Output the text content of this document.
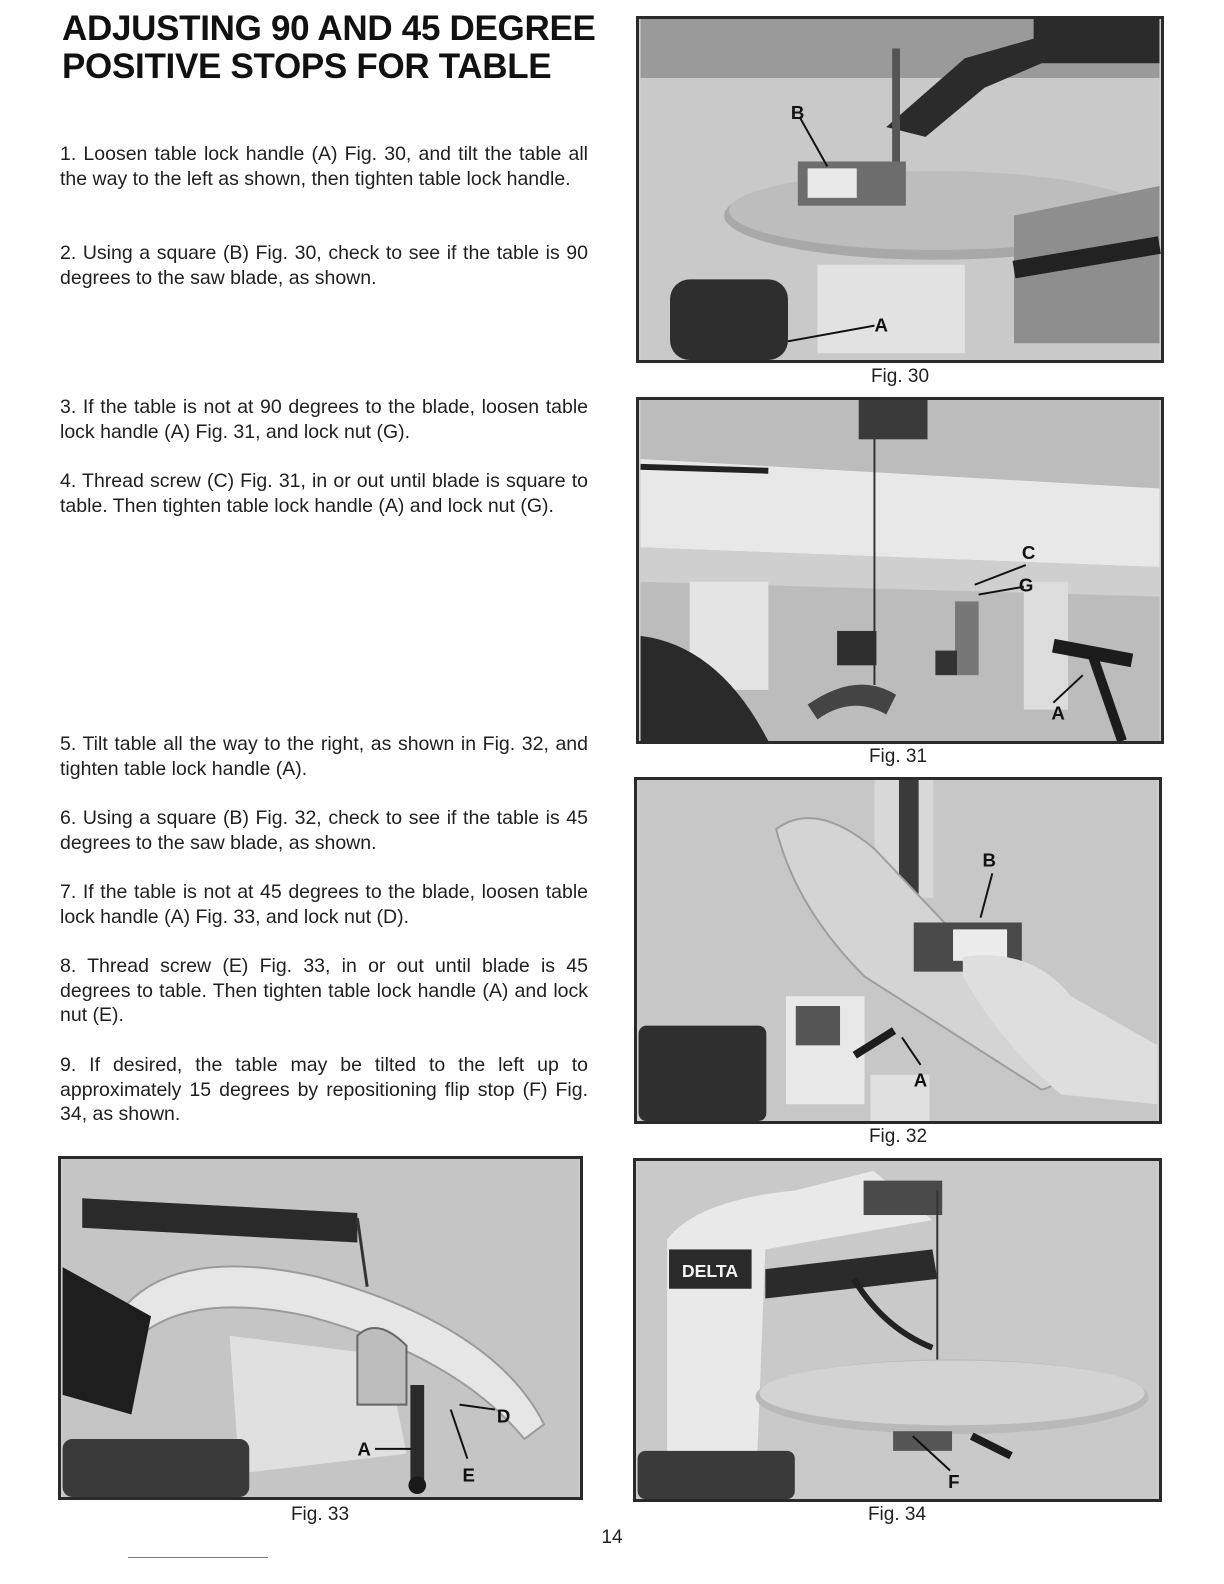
ADJUSTING 90 AND 45 DEGREE POSITIVE STOPS FOR TABLE

1. Loosen table lock handle (A) Fig. 30, and tilt the table all the way to the left as shown, then tighten table lock handle.

2. Using a square (B) Fig. 30, check to see if the table is 90 degrees to the saw blade, as shown.

3. If the table is not at 90 degrees to the blade, loosen table lock handle (A) Fig. 31, and lock nut (G).

4. Thread screw (C) Fig. 31, in or out until blade is square to table. Then tighten table lock handle (A) and lock nut (G).

5. Tilt table all the way to the right, as shown in Fig. 32, and tighten table lock handle (A).

6. Using a square (B) Fig. 32, check to see if the table is 45 degrees to the saw blade, as shown.

7. If the table is not at 45 degrees to the blade, loosen table lock handle (A) Fig. 33, and lock nut (D).

8. Thread screw (E) Fig. 33, in or out until blade is 45 degrees to table. Then tighten table lock handle (A) and lock nut (E).

9. If desired, the table may be tilted to the left up to approximately 15 degrees by repositioning flip stop (F) Fig. 34, as shown.

B
A
Fig. 30
C
G
A
Fig. 31
B
A
Fig. 32
D
A
E
Fig. 33
DELTA
F
Fig. 34
14
